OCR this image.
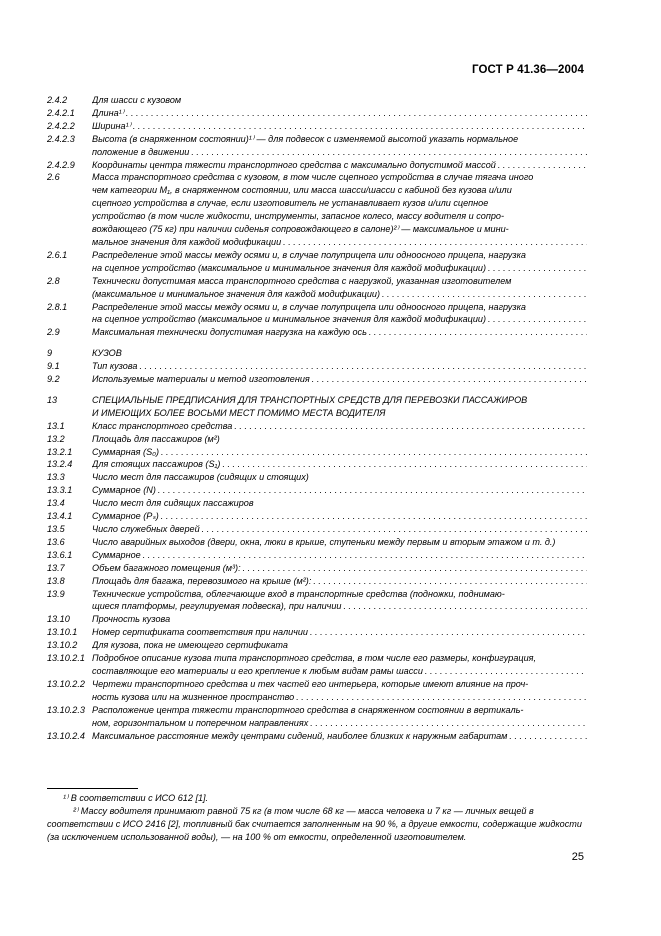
ГОСТ Р 41.36—2004
2.4.2	Для шасси с кузовом
2.4.2.1	Длина¹⁾
. . .
2.4.2.2	Ширина¹⁾
. . .
2.4.2.3	Высота (в снаряженном состоянии)¹⁾ — для подвесок с изменяемой высотой указать нормальное
положение в движении
. . .
2.4.2.9	Координаты центра тяжести транспортного средства с максимально допустимой массой
. . .
2.6	Масса транспортного средства с кузовом, в том числе сцепного устройства в случае тягача иного
чем категории M₁, в снаряженном состоянии, или масса шасси/шасси с кабиной без кузова и/или
сцепного устройства в случае, если изготовитель не устанавливает кузов и/или сцепное
устройство (в том числе жидкости, инструменты, запасное колесо, массу водителя и сопро-
вождающего (75 кг) при наличии сиденья сопровождающего в салоне)²⁾ — максимальное и мини-
мальное значения для каждой модификации
. . .
2.6.1	Распределение этой массы между осями и, в случае полуприцепа или одноосного прицепа, нагрузка
на сцепное устройство (максимальное и минимальное значения для каждой модификации)
. . .
2.8	Технически допустимая масса транспортного средства с нагрузкой, указанная изготовителем
(максимальное и минимальное значения для каждой модификации)
. . .
2.8.1	Распределение этой массы между осями и, в случае полуприцепа или одноосного прицепа, нагрузка
на сцепное устройство (максимальное и минимальное значения для каждой модификации)
. . .
2.9	Максимальная технически допустимая нагрузка на каждую ось
. . .
9	КУЗОВ
9.1	Тип кузова
. . .
9.2	Используемые материалы и метод изготовления
. . .
13	СПЕЦИАЛЬНЫЕ ПРЕДПИСАНИЯ ДЛЯ ТРАНСПОРТНЫХ СРЕДСТВ ДЛЯ ПЕРЕВОЗКИ ПАССАЖИРОВ
И ИМЕЮЩИХ БОЛЕЕ ВОСЬМИ МЕСТ ПОМИМО МЕСТА ВОДИТЕЛЯ
13.1	Класс транспортного средства
. . .
13.2	Площадь для пассажиров (м²)
13.2.1	Суммарная (S₀)
. . .
13.2.4	Для стоящих пассажиров (S₁)
. . .
13.3	Число мест для пассажиров (сидящих и стоящих)
13.3.1	Суммарное (N)
. . .
13.4	Число мест для сидящих пассажиров
13.4.1	Суммарное (Pₛ)
. . .
13.5	Число служебных дверей
. . .
13.6	Число аварийных выходов (двери, окна, люки в крыше, ступеньки между первым и вторым этажом и т. д.)
13.6.1	Суммарное
. . .
13.7	Объем багажного помещения (м³):
. . .
13.8	Площадь для багажа, перевозимого на крыше (м²):
. . .
13.9	Технические устройства, облегчающие вход в транспортные средства (подножки, поднимаю-
щиеся платформы, регулируемая подвеска), при наличии
. . .
13.10	Прочность кузова
13.10.1	Номер сертификата соответствия при наличии
. . .
13.10.2	Для кузова, пока не имеющего сертификата
13.10.2.1 Подробное описание кузова типа транспортного средства, в том числе его размеры, конфигурация,
составляющие его материалы и его крепление к любым видам рамы шасси
. . .
13.10.2.2 Чертежи транспортного средства и тех частей его интерьера, которые имеют влияние на проч-
ность кузова или на жизненное пространство
. . .
13.10.2.3 Расположение центра тяжести транспортного средства в снаряженном состоянии в вертикаль-
ном, горизонтальном и поперечном направлениях
. . .
13.10.2.4 Максимальное расстояние между центрами сидений, наиболее близких к наружным габаритам
. . .
¹⁾ В соответствии с ИСО 612 [1].
²⁾ Массу водителя принимают равной 75 кг (в том числе 68 кг — масса человека и 7 кг — личных вещей в соответствии с ИСО 2416 [2], топливный бак считается заполненным на 90 %, а другие емкости, содержащие жидкости (за исключением использованной воды), — на 100 % от емкости, определенной изготовителем.
25
